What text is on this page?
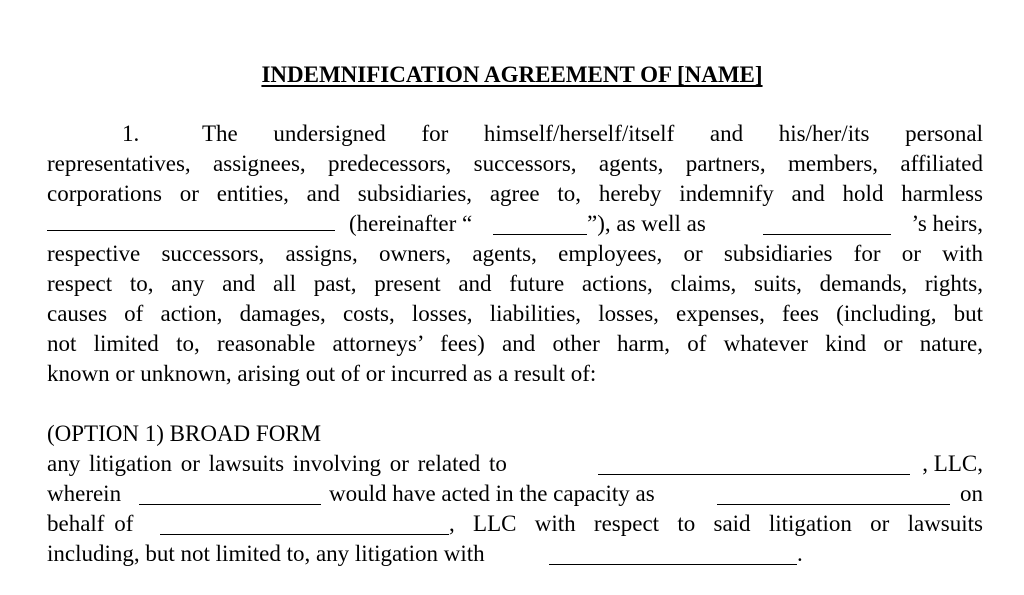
INDEMNIFICATION AGREEMENT OF [NAME]
1.	The undersigned for himself/herself/itself and his/her/its personal
representatives, assignees, predecessors, successors, agents, partners, members, affiliated
corporations or entities, and subsidiaries, agree to, hereby indemnify and hold harmless
(hereinafter “	”), as well as	’s heirs,
respective successors, assigns, owners, agents, employees, or subsidiaries for or with
respect to, any and all past, present and future actions, claims, suits, demands, rights,
causes of action, damages, costs, losses, liabilities, losses, expenses, fees (including, but
not limited to, reasonable attorneys’ fees) and other harm, of whatever kind or nature,
known or unknown, arising out of or incurred as a result of:
(OPTION 1) BROAD FORM
any litigation or lawsuits involving or related to	, LLC,
wherein	would have acted in the capacity as	on
behalf of	, LLC with respect to said litigation or lawsuits
including, but not limited to, any litigation with	.
